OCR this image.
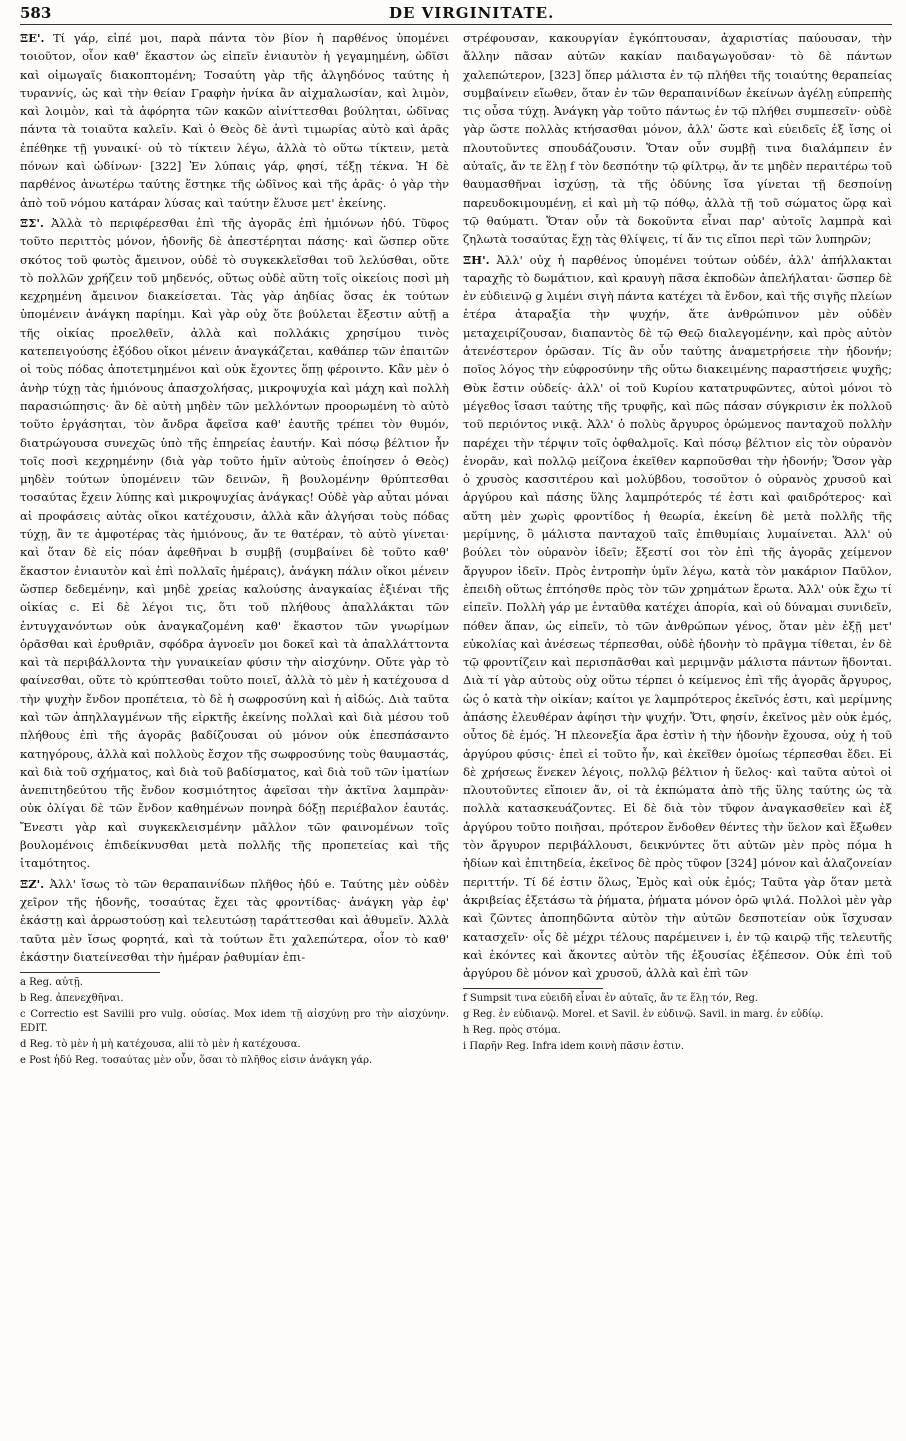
583	DE VIRGINITATE.

ΞΕ'. Τί γάρ, εἰπέ μοι, παρὰ πάντα τὸν βίον ἡ παρθένος ὑπομένει τοιοῦτον, οἷον καθ' ἕκαστον ὡς εἰπεῖν ἐνιαυτὸν ἡ γεγαμημένη, ὠδῖσι καὶ οἰμωγαῖς διακοπτομένη; Τοσαύτη γὰρ τῆς ἀλγηδόνος ταύτης ἡ τυραννίς, ὡς καὶ τὴν θείαν Γραφὴν ἡνίκα ἂν αἰχμαλωσίαν, καὶ λιμὸν, καὶ λοιμὸν, καὶ τὰ ἀφόρητα τῶν κακῶν αἰνίττεσθαι βούληται, ὠδῖνας πάντα τὰ τοιαῦτα καλεῖν. Καὶ ὁ Θεὸς δὲ ἀντὶ τιμωρίας αὐτὸ καὶ ἀρᾶς ἐπέθηκε τῇ γυναικί· οὐ τὸ τίκτειν λέγω, ἀλλὰ τὸ οὕτω τίκτειν, μετὰ πόνων καὶ ὠδίνων· [322] Ἐν λύπαις γάρ, φησί, τέξῃ τέκνα. Ἡ δὲ παρθένος ἀνωτέρω ταύτης ἕστηκε τῆς ὠδῖνος καὶ τῆς ἀρᾶς· ὁ γὰρ τὴν ἀπὸ τοῦ νόμου κατάραν λύσας καὶ ταύτην ἔλυσε μετ' ἐκείνης.

ΞΣ'. Ἀλλὰ τὸ περιφέρεσθαι ἐπὶ τῆς ἀγορᾶς ἐπὶ ἡμιόνων ἡδύ. Τῦφος τοῦτο περιττὸς μόνον, ἡδονῆς δὲ ἀπεστέρηται πάσης· καὶ ὥσπερ οὔτε σκότος τοῦ φωτὸς ἄμεινον, οὐδὲ τὸ συγκεκλεῖσθαι τοῦ λελύσθαι, οὔτε τὸ πολλῶν χρήζειν τοῦ μηδενός, οὕτως οὐδὲ αὕτη τοῖς οἰκείοις ποσὶ μὴ κεχρημένη ἄμεινον διακείσεται. Τὰς γὰρ ἀηδίας ὅσας ἐκ τούτων ὑπομένειν ἀνάγκη παρίημι. Καὶ γὰρ οὐχ ὅτε βούλεται ἔξεστιν αὐτῇ a τῆς οἰκίας προελθεῖν, ἀλλὰ καὶ πολλάκις χρησίμου τινὸς κατεπειγούσης ἐξόδου οἴκοι μένειν ἀναγκάζεται, καθάπερ τῶν ἐπαιτῶν οἱ τοὺς πόδας ἀποτετμημένοι καὶ οὐκ ἔχοντες ὅπῃ φέροιντο. Κἂν μὲν ὁ ἀνὴρ τύχῃ τὰς ἡμιόνους ἀπασχολήσας, μικροψυχία καὶ μάχη καὶ πολλὴ παρασιώπησις· ἂν δὲ αὐτὴ μηδὲν τῶν μελλόντων προορωμένη τὸ αὐτὸ τοῦτο ἐργάσηται, τὸν ἄνδρα ἄφεῖσα καθ' ἑαυτῆς τρέπει τὸν θυμόν, διατρώγουσα συνεχῶς ὑπὸ τῆς ἐπηρείας ἑαυτήν. Καὶ πόσῳ βέλτιον ἦν τοῖς ποσὶ κεχρημένην (διὰ γὰρ τοῦτο ἡμῖν αὐτοὺς ἐποίησεν ὁ Θεὸς) μηδὲν τούτων ὑπομένειν τῶν δεινῶν, ἢ βουλομένην θρύπτεσθαι τοσαύτας ἔχειν λύπης καὶ μικροψυχίας ἀνάγκας! Οὐδὲ γὰρ αὗται μόναι αἱ προφάσεις αὐτὰς οἴκοι κατέχουσιν, ἀλλὰ κἂν ἀλγήσαι τοὺς πόδας τύχῃ, ἂν τε ἀμφοτέρας τὰς ἡμιόνους, ἄν τε θατέραν, τὸ αὐτὸ γίνεται· καὶ ὅταν δὲ εἰς πόαν ἀφεθῆναι b συμβῇ (συμβαίνει δὲ τοῦτο καθ' ἕκαστον ἐνιαυτὸν καὶ ἐπὶ πολλαῖς ἡμέραις), ἀνάγκη πάλιν οἴκοι μένειν ὥσπερ δεδεμένην, καὶ μηδὲ χρείας καλούσης ἀναγκαίας ἐξιέναι τῆς οἰκίας c. Εἰ δὲ λέγοι τις, ὅτι τοῦ πλήθους ἀπαλλάκται τῶν ἐντυγχανόντων οὐκ ἀναγκαζομένη καθ' ἕκαστον τῶν γνωρίμων ὁρᾶσθαι καὶ ἐρυθριᾶν, σφόδρα ἀγνοεῖν μοι δοκεῖ καὶ τὰ ἀπαλλάττοντα καὶ τὰ περιβάλλοντα τὴν γυναικείαν φύσιν τὴν αἰσχύνην. Οὔτε γὰρ τὸ φαίνεσθαι, οὔτε τὸ κρύπτεσθαι τοῦτο ποιεῖ, ἀλλὰ τὸ μὲν ἡ κατέχουσα d τὴν ψυχὴν ἔνδον προπέτεια, τὸ δὲ ἡ σωφροσύνη καὶ ἡ αἰδώς. Διὰ ταῦτα καὶ τῶν ἀπηλλαγμένων τῆς εἱρκτῆς ἐκείνης πολλαὶ καὶ διὰ μέσου τοῦ πλήθους ἐπὶ τῆς ἀγορᾶς βαδίζουσαι οὐ μόνον οὐκ ἐπεσπάσαντο κατηγόρους, ἀλλὰ καὶ πολλοὺς ἔσχον τῆς σωφροσύνης τοὺς θαυμαστάς, καὶ διὰ τοῦ σχήματος, καὶ διὰ τοῦ βαδίσματος, καὶ διὰ τοῦ τῶν ἱματίων ἀνεπιτηδεύτου τῆς ἔνδον κοσμιότητος ἀφεῖσαι τὴν ἀκτῖνα λαμπρὰν· οὐκ ὀλίγαι δὲ τῶν ἔνδον καθημένων πονηρὰ δόξῃ περιέβαλον ἑαυτάς. Ἔνεστι γὰρ καὶ συγκεκλεισμένην μᾶλλον τῶν φαινομένων τοῖς βουλομένοις ἐπιδείκνυσθαι μετὰ πολλῆς τῆς προπετείας καὶ τῆς ἰταμότητος.

ΞΖ'. Ἀλλ' ἴσως τὸ τῶν θεραπαινίδων πλῆθος ἡδύ e. Ταύτης μὲν οὐδὲν χεῖρον τῆς ἡδονῆς, τοσαύτας ἔχει τὰς φροντίδας· ἀνάγκη γὰρ ἐφ' ἑκάστῃ καὶ ἀρρωστούσῃ καὶ τελευτώσῃ ταράττεσθαι καὶ ἀθυμεῖν. Ἀλλὰ ταῦτα μὲν ἴσως φορητά, καὶ τὰ τούτων ἔτι χαλεπώτερα, οἷον τὸ καθ' ἑκάστην διατείνεσθαι τὴν ἡμέραν ῥαθυμίαν ἐπι-

a Reg. αὐτῇ.

b Reg. ἀπενεχθῆναι.

c Correctio est Savilii pro vulg. οὐσίας. Mox idem τῇ αἰσχύνῃ pro τὴν αἰσχύνην. EDIT.

d Reg. τὸ μὲν ἡ μὴ κατέχουσα, alii τὸ μὲν ἡ κατέχουσα.

e Post ἡδύ Reg. τοσαύτας μὲν οὖν, ὅσαι τὸ πλῆθος εἰσιν ἀνάγκη γάρ.

στρέφουσαν, κακουργίαν ἐγκόπτουσαν, ἀχαριστίας παύουσαν, τὴν ἄλλην πᾶσαν αὐτῶν κακίαν παιδαγωγοῦσαν· τὸ δὲ πάντων χαλεπώτερον, [323] ὅπερ μάλιστα ἐν τῷ πλήθει τῆς τοιαύτης θεραπείας συμβαίνειν εἴωθεν, ὅταν ἐν τῶν θεραπαινίδων ἐκείνων ἀγέλῃ εὐπρεπὴς τις οὖσα τύχῃ. Ἀνάγκη γὰρ τοῦτο πάντως ἐν τῷ πλήθει συμπεσεῖν· οὐδὲ γὰρ ὥστε πολλὰς κτήσασθαι μόνον, ἀλλ' ὥστε καὶ εὐειδεῖς ἐξ ἴσης οἱ πλουτοῦντες σπουδάζουσιν. Ὅταν οὖν συμβῇ τινα διαλάμπειν ἐν αὐταῖς, ἄν τε ἕλῃ f τὸν δεσπότην τῷ φίλτρῳ, ἄν τε μηδὲν περαιτέρω τοῦ θαυμασθῆναι ἰσχύσῃ, τὰ τῆς ὀδύνης ἴσα γίνεται τῇ δεσποίνῃ παρευδοκιμουμένῃ, εἰ καὶ μὴ τῷ πόθῳ, ἀλλὰ τῇ τοῦ σώματος ὥρᾳ καὶ τῷ θαύματι. Ὅταν οὖν τὰ δοκοῦντα εἶναι παρ' αὐτοῖς λαμπρὰ καὶ ζηλωτὰ τοσαύτας ἔχῃ τὰς θλίψεις, τί ἄν τις εἴποι περὶ τῶν λυπηρῶν;

ΞΗ'. Ἀλλ' οὐχ ἡ παρθένος ὑπομένει τούτων οὐδέν, ἀλλ' ἀπήλλακται ταραχῆς τὸ δωμάτιον, καὶ κραυγὴ πᾶσα ἐκποδὼν ἀπελήλαται· ὥσπερ δὲ ἐν εὐδιεινῷ g λιμένι σιγὴ πάντα κατέχει τὰ ἔνδον, καὶ τῆς σιγῆς πλείων ἑτέρα ἀταραξία τὴν ψυχήν, ἅτε ἀνθρώπινον μὲν οὐδὲν μεταχειρίζουσαν, διαπαντὸς δὲ τῷ Θεῷ διαλεγομένην, καὶ πρὸς αὐτὸν ἀτενέστερον ὁρῶσαν. Τίς ἂν οὖν ταύτης ἀναμετρήσειε τὴν ἡδονήν; ποῖος λόγος τὴν εὐφροσύνην τῆς οὕτω διακειμένης παραστήσειε ψυχῆς; Θὺκ ἔστιν οὐδείς· ἀλλ' οἱ τοῦ Κυρίου κατατρυφῶντες, αὐτοὶ μόνοι τὸ μέγεθος ἴσασι ταύτης τῆς τρυφῆς, καὶ πῶς πάσαν σύγκρισιν ἐκ πολλοῦ τοῦ περιόντος νικᾷ. Ἀλλ' ὁ πολὺς ἄργυρος ὁρώμενος πανταχοῦ πολλὴν παρέχει τὴν τέρψιν τοῖς ὀφθαλμοῖς. Καὶ πόσῳ βέλτιον εἰς τὸν οὐρανὸν ἐνορᾶν, καὶ πολλῷ μείζονα ἐκεῖθεν καρποῦσθαι τὴν ἡδονήν; Ὅσον γὰρ ὁ χρυσὸς κασσιτέρου καὶ μολύβδου, τοσοῦτον ὁ οὐρανὸς χρυσοῦ καὶ ἀργύρου καὶ πάσης ὕλης λαμπρότερός τέ ἐστι καὶ φαιδρότερος· καὶ αὕτη μὲν χωρὶς φροντίδος ἡ θεωρία, ἐκείνη δὲ μετὰ πολλῆς τῆς μερίμνης, ὃ μάλιστα πανταχοῦ ταῖς ἐπιθυμίαις λυμαίνεται. Ἀλλ' οὐ βούλει τὸν οὐρανὸν ἰδεῖν; ἔξεστί σοι τὸν ἐπὶ τῆς ἀγορᾶς χείμενον ἄργυρον ἰδεῖν. Πρὸς ἐντροπὴν ὑμῖν λέγω, κατὰ τὸν μακάριον Παῦλον, ἐπειδὴ οὕτως ἐπτόησθε πρὸς τὸν τῶν χρημάτων ἔρωτα. Ἀλλ' οὐκ ἔχω τί εἰπεῖν. Πολλὴ γάρ με ἐνταῦθα κατέχει ἀπορία, καὶ οὐ δύναμαι συνιδεῖν, πόθεν ἅπαν, ὡς εἰπεῖν, τὸ τῶν ἀνθρώπων γένος, ὅταν μὲν ἐξῇ μετ' εὐκολίας καὶ ἀνέσεως τέρπεσθαι, οὐδὲ ἡδονὴν τὸ πρᾶγμα τίθεται, ἐν δὲ τῷ φροντίζειν καὶ περισπᾶσθαι καὶ μεριμνᾷν μάλιστα πάντων ἥδονται. Διὰ τί γὰρ αὐτοὺς οὐχ οὕτω τέρπει ὁ κείμενος ἐπὶ τῆς ἀγορᾶς ἄργυρος, ὡς ὁ κατὰ τὴν οἰκίαν; καίτοι γε λαμπρότερος ἐκεῖνός ἐστι, καὶ μερίμνης ἁπάσης ἐλευθέραν ἀφίησι τὴν ψυχήν. Ὅτι, φησίν, ἐκεῖνος μὲν οὐκ ἐμός, οὗτος δὲ ἐμός. Ἡ πλεονεξία ἄρα ἐστὶν ἡ τὴν ἡδονὴν ἔχουσα, οὐχ ἡ τοῦ ἀργύρου φύσις· ἐπεὶ εἰ τοῦτο ἦν, καὶ ἐκεῖθεν ὁμοίως τέρπεσθαι ἔδει. Εἰ δὲ χρήσεως ἕνεκεν λέγοις, πολλῷ βέλτιον ἡ ὕελος· καὶ ταῦτα αὐτοὶ οἱ πλουτοῦντες εἴποιεν ἄν, οἱ τὰ ἐκπώματα ἀπὸ τῆς ὕλης ταύτης ὡς τὰ πολλὰ κατασκευάζοντες. Εἰ δὲ διὰ τὸν τῦφον ἀναγκασθεῖεν καὶ ἐξ ἀργύρου τοῦτο ποιῆσαι, πρότερον ἔνδοθεν θέντες τὴν ὕελον καὶ ἔξωθεν τὸν ἄργυρον περιβάλλουσι, δεικνύντες ὅτι αὐτῶν μὲν πρὸς πόμα h ἡδίων καὶ ἐπιτηδεία, ἐκεῖνος δὲ πρὸς τῦφον [324] μόνον καὶ ἀλαζονείαν περιττήν. Τί δέ ἐστιν ὅλως, Ἐμὸς καὶ οὐκ ἐμός; Ταῦτα γὰρ ὅταν μετὰ ἀκριβείας ἐξετάσω τὰ ῥήματα, ῥήματα μόνον ὁρῶ ψιλά. Πολλοὶ μὲν γὰρ καὶ ζῶντες ἀποπηδῶντα αὐτὸν τὴν αὐτῶν δεσποτείαν οὐκ ἴσχυσαν κατασχεῖν· οἷς δὲ μέχρι τέλους παρέμεινεν i, ἐν τῷ καιρῷ τῆς τελευτῆς καὶ ἑκόντες καὶ ἄκοντες αὐτὸν τῆς ἐξουσίας ἐξέπεσον. Οὐκ ἐπὶ τοῦ ἀργύρου δὲ μόνον καὶ χρυσοῦ, ἀλλὰ καὶ ἐπὶ τῶν

f Sumpsit τινα εὐειδῆ εἶναι ἐν αὐταῖς, ἄν τε ἕλῃ τόν, Reg.

g Reg. ἐν εὐδιανῷ. Morel. et Savil. ἐν εὐδινῷ. Savil. in marg. ἐν εὐδίῳ.

h Reg. πρὸς στόμα.

i Παρῆν Reg. Infra idem κοινὴ πᾶσιν ἐστιν.
